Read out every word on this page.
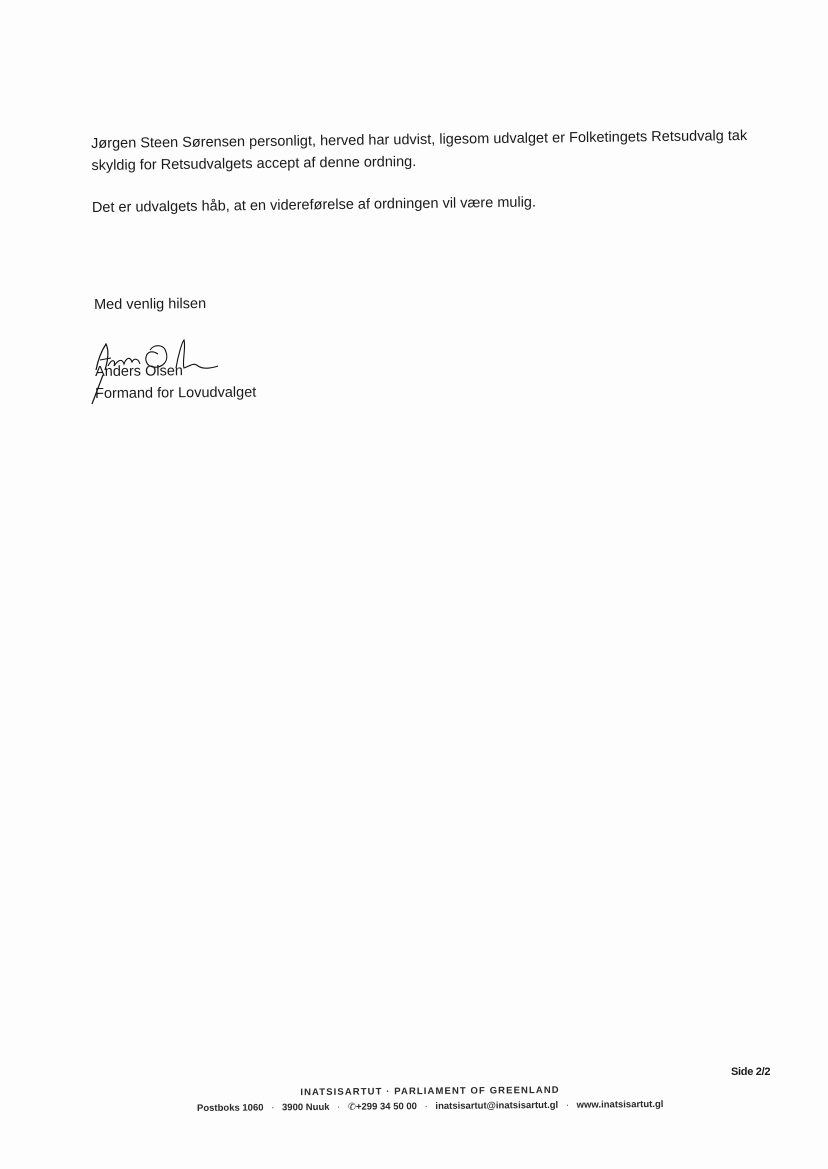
Jørgen Steen Sørensen personligt, herved har udvist, ligesom udvalget er Folketingets Retsudvalg tak skyldig for Retsudvalgets accept af denne ordning.

Det er udvalgets håb, at en videreførelse af ordningen vil være mulig.

Med venlig hilsen
Anders Olsen
Formand for Lovudvalget
Side 2/2
INATSISARTUT · PARLIAMENT OF GREENLAND
Postboks 1060 · 3900 Nuuk · ✆+299 34 50 00 · inatsisartut@inatsisartut.gl · www.inatsisartut.gl
